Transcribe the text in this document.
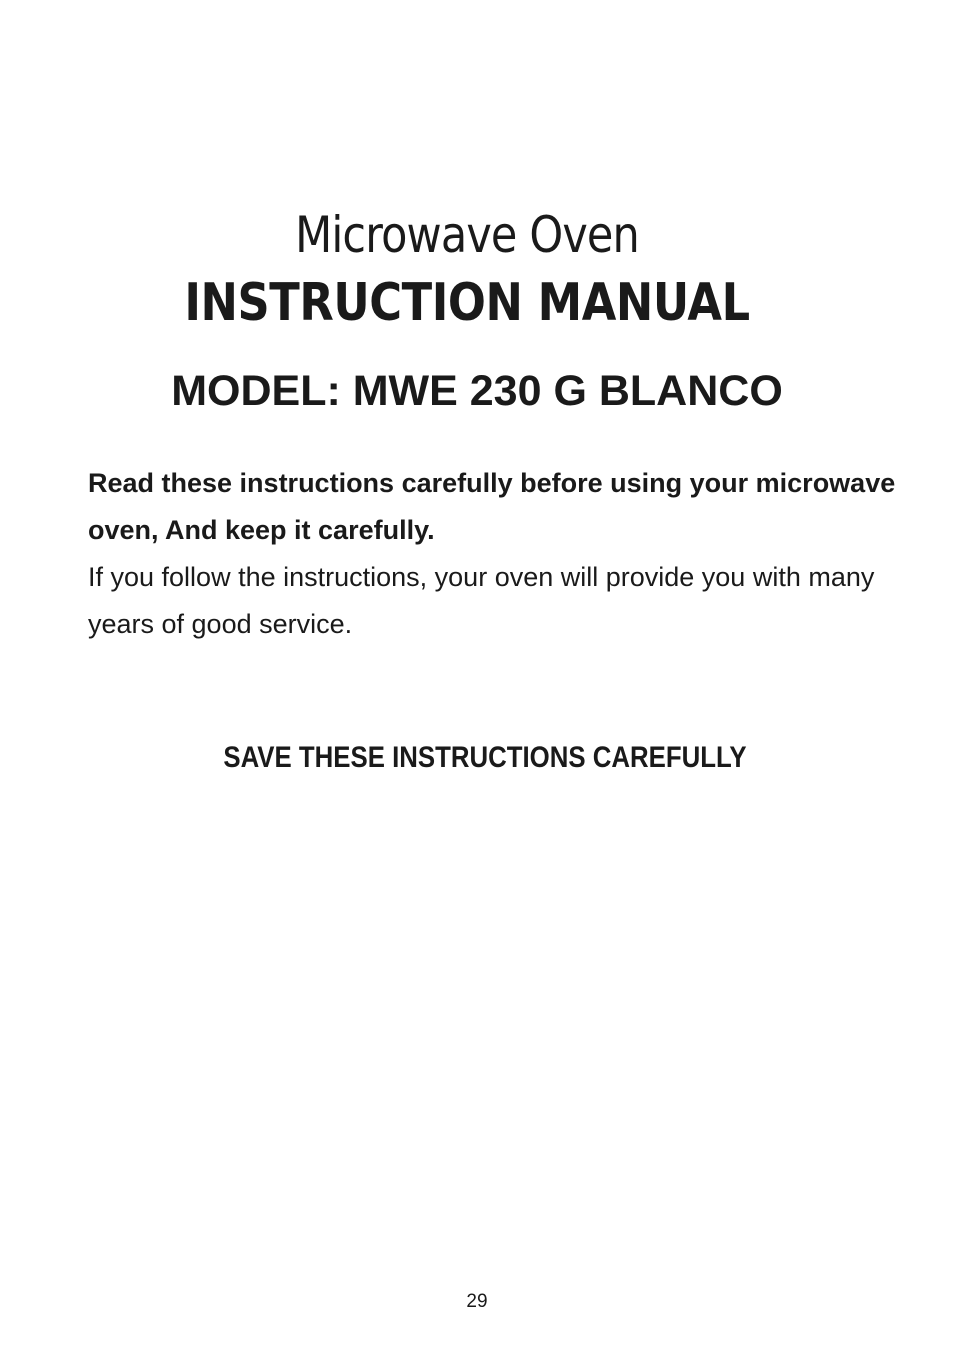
Microwave Oven
INSTRUCTION MANUAL
MODEL: MWE 230 G BLANCO
Read these instructions carefully before using your microwave oven, And keep it carefully.
If you follow the instructions, your oven will provide you with many years of good service.
SAVE THESE INSTRUCTIONS CAREFULLY
29
